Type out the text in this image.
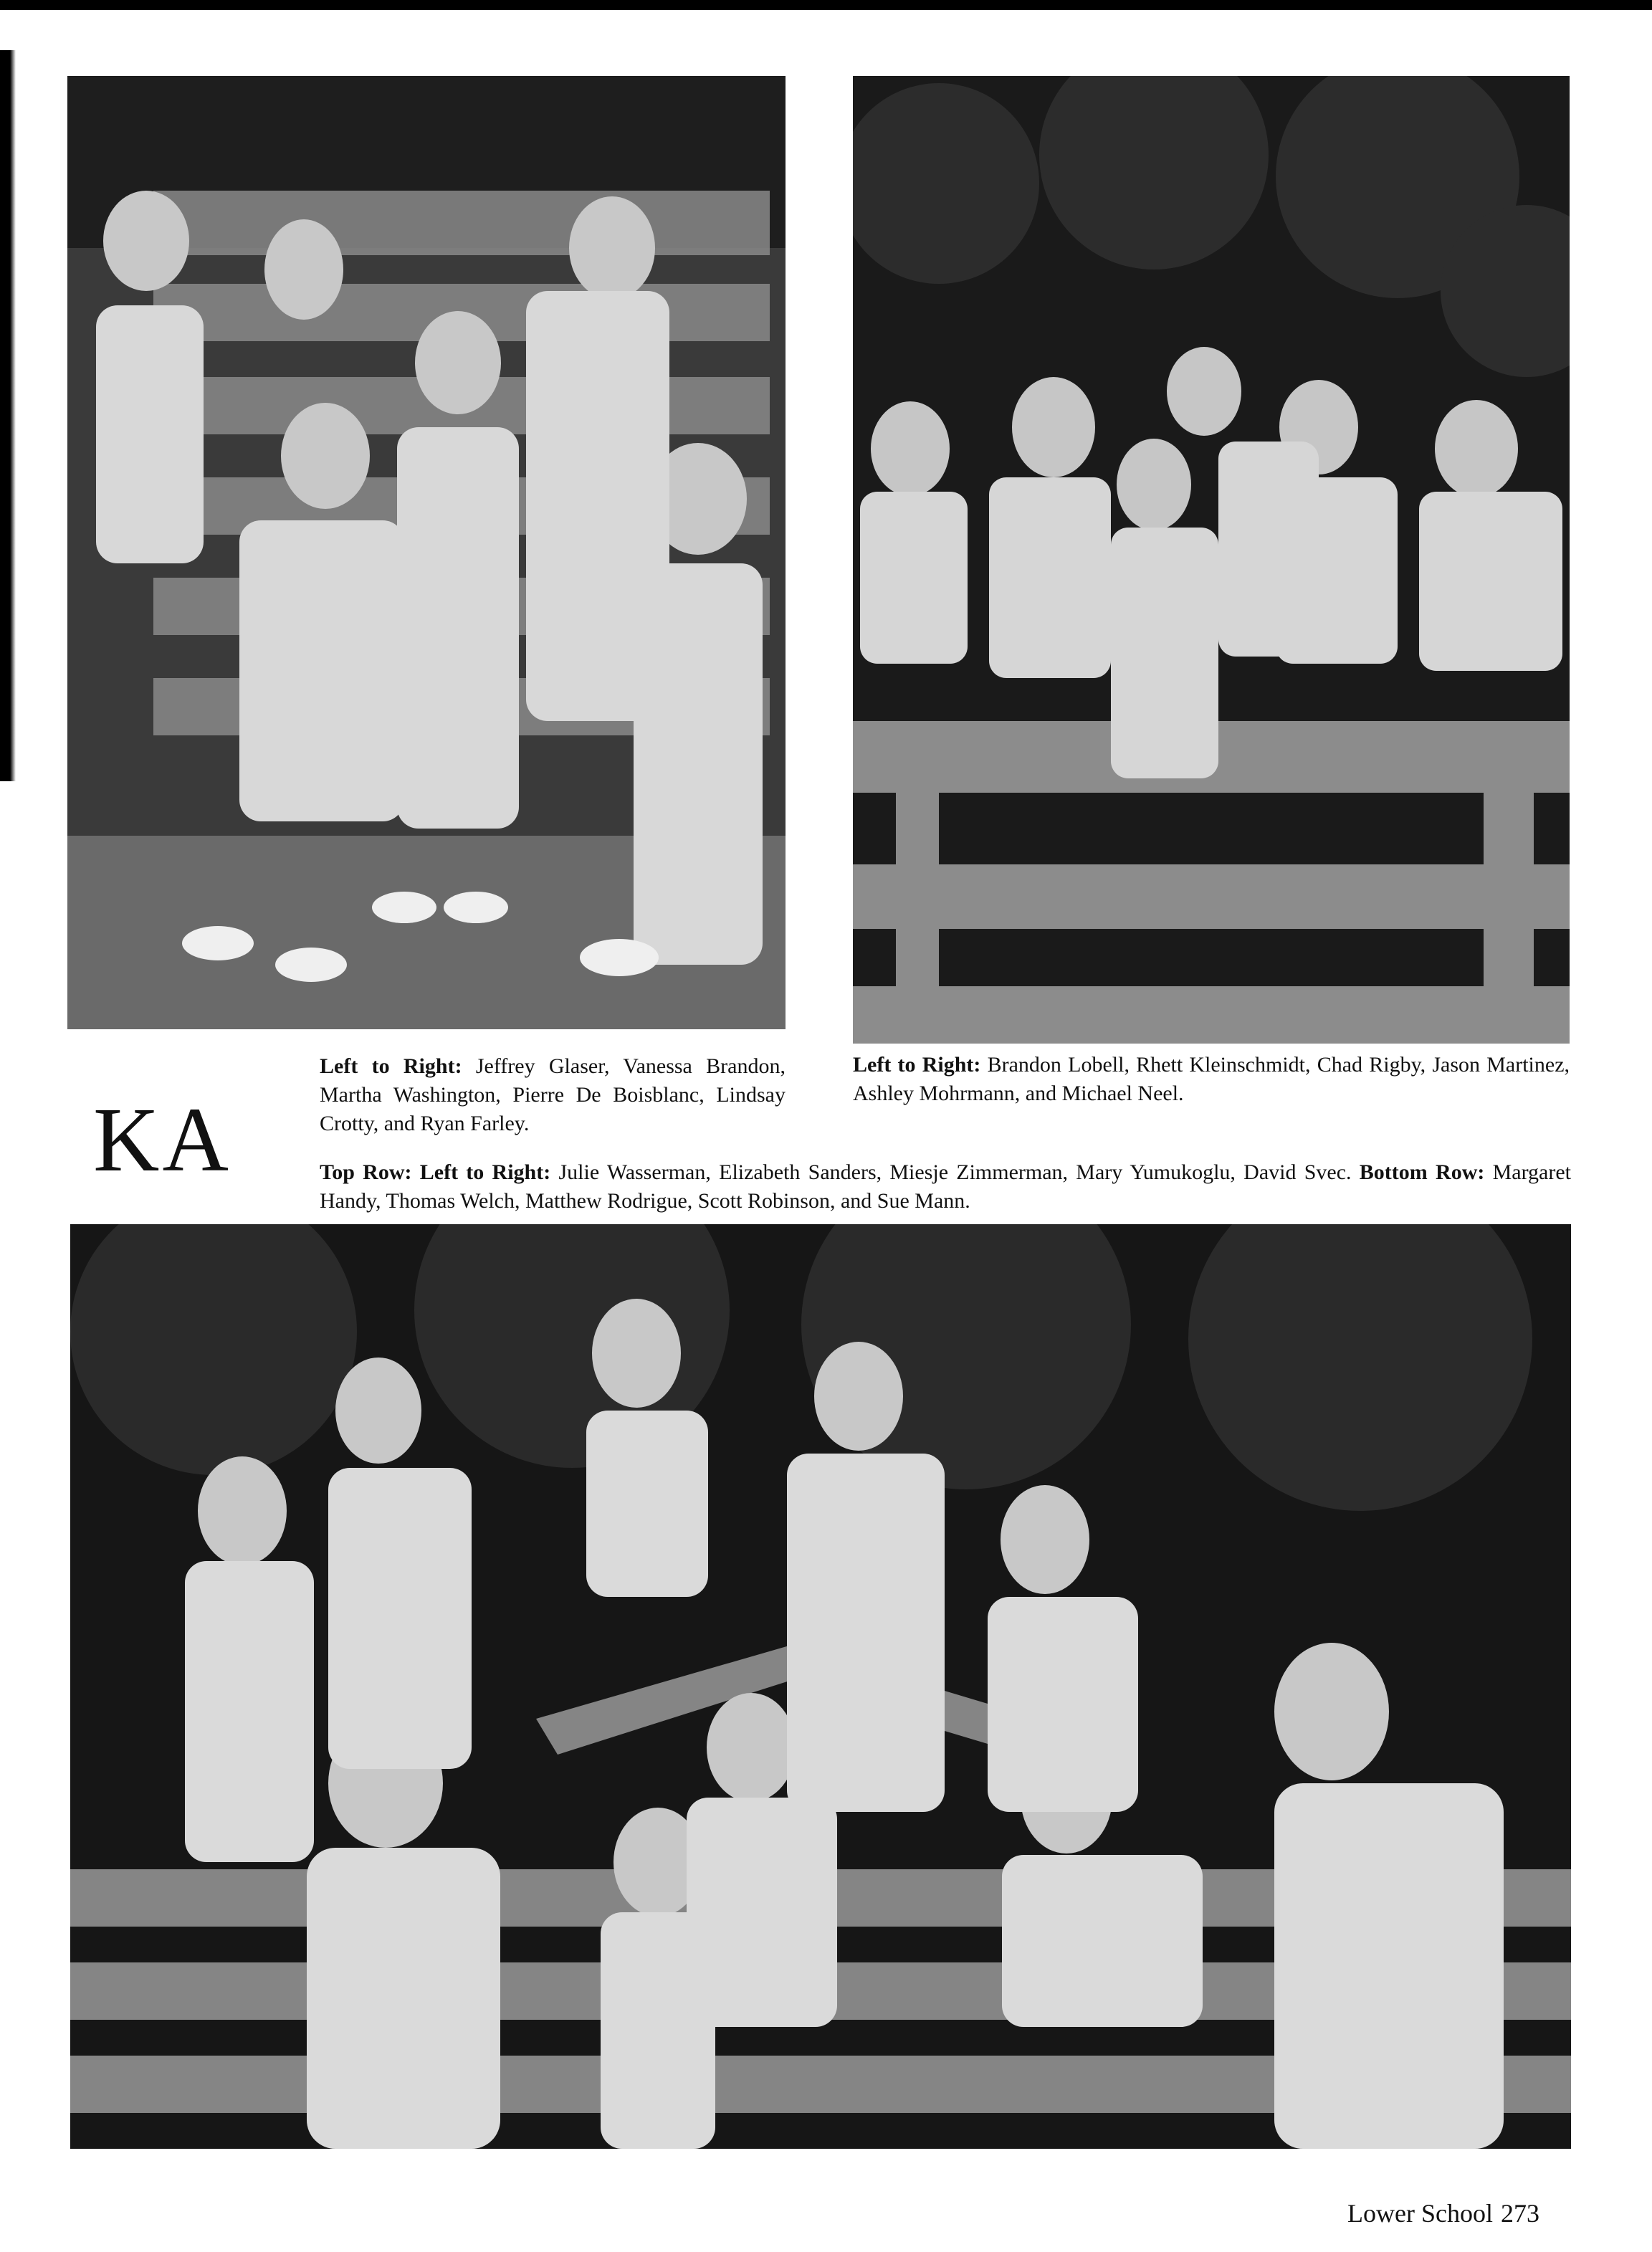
KA
Left to Right: Jeffrey Glaser, Vanessa Brandon, Martha Washington, Pierre De Boisblanc, Lindsay Crotty, and Ryan Farley.
Left to Right: Brandon Lobell, Rhett Kleinschmidt, Chad Rigby, Jason Martinez, Ashley Mohrmann, and Michael Neel.
Top Row: Left to Right: Julie Wasserman, Elizabeth Sanders, Miesje Zimmerman, Mary Yumukoglu, David Svec. Bottom Row: Margaret Handy, Thomas Welch, Matthew Rodrigue, Scott Robinson, and Sue Mann.
Lower School 273
